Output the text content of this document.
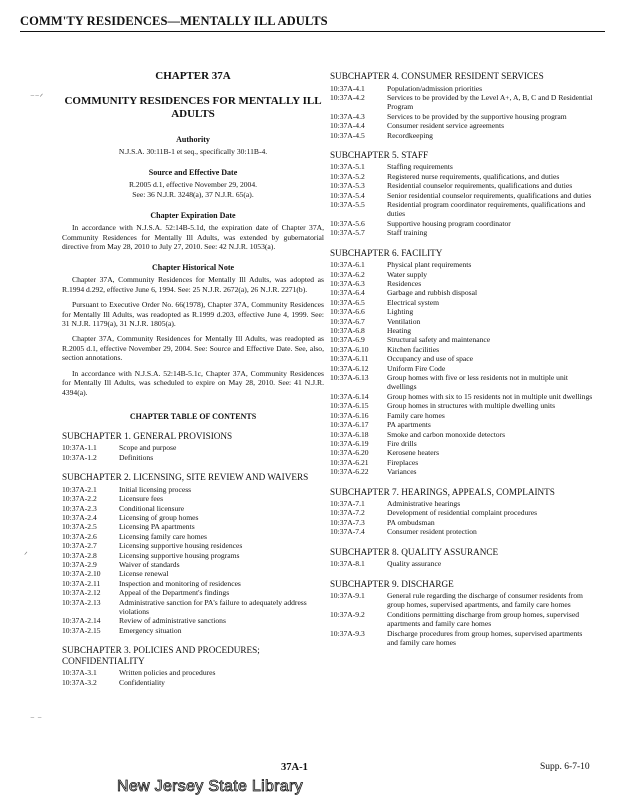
COMM'TY RESIDENCES—MENTALLY ILL ADULTS
⁻⁻ᐟ
ᐟ
⁻ ⁻
CHAPTER 37A
COMMUNITY RESIDENCES FOR MENTALLY ILL ADULTS
Authority
N.J.S.A. 30:11B-1 et seq., specifically 30:11B-4.
Source and Effective Date
R.2005 d.1, effective November 29, 2004.
See: 36 N.J.R. 3248(a), 37 N.J.R. 65(a).
Chapter Expiration Date
In accordance with N.J.S.A. 52:14B-5.1d, the expiration date of Chapter 37A, Community Residences for Mentally Ill Adults, was extended by gubernatorial directive from May 28, 2010 to July 27, 2010. See: 42 N.J.R. 1053(a).
Chapter Historical Note
Chapter 37A, Community Residences for Mentally Ill Adults, was adopted as R.1994 d.292, effective June 6, 1994. See: 25 N.J.R. 2672(a), 26 N.J.R. 2271(b).
Pursuant to Executive Order No. 66(1978), Chapter 37A, Community Residences for Mentally Ill Adults, was readopted as R.1999 d.203, effective June 4, 1999. See: 31 N.J.R. 1179(a), 31 N.J.R. 1805(a).
Chapter 37A, Community Residences for Mentally Ill Adults, was readopted as R.2005 d.1, effective November 29, 2004. See: Source and Effective Date. See, also, section annotations.
In accordance with N.J.S.A. 52:14B-5.1c, Chapter 37A, Community Residences for Mentally Ill Adults, was scheduled to expire on May 28, 2010. See: 41 N.J.R. 4394(a).
CHAPTER TABLE OF CONTENTS
SUBCHAPTER 1. GENERAL PROVISIONS
10:37A-1.1	Scope and purpose
10:37A-1.2	Definitions
SUBCHAPTER 2. LICENSING, SITE REVIEW AND WAIVERS
10:37A-2.1	Initial licensing process
10:37A-2.2	Licensure fees
10:37A-2.3	Conditional licensure
10:37A-2.4	Licensing of group homes
10:37A-2.5	Licensing PA apartments
10:37A-2.6	Licensing family care homes
10:37A-2.7	Licensing supportive housing residences
10:37A-2.8	Licensing supportive housing programs
10:37A-2.9	Waiver of standards
10:37A-2.10	License renewal
10:37A-2.11	Inspection and monitoring of residences
10:37A-2.12	Appeal of the Department's findings
10:37A-2.13	Administrative sanction for PA's failure to adequately address violations
10:37A-2.14	Review of administrative sanctions
10:37A-2.15	Emergency situation
SUBCHAPTER 3. POLICIES AND PROCEDURES; CONFIDENTIALITY
10:37A-3.1	Written policies and procedures
10:37A-3.2	Confidentiality
SUBCHAPTER 4. CONSUMER RESIDENT SERVICES
10:37A-4.1	Population/admission priorities
10:37A-4.2	Services to be provided by the Level A+, A, B, C and D Residential Program
10:37A-4.3	Services to be provided by the supportive housing program
10:37A-4.4	Consumer resident service agreements
10:37A-4.5	Recordkeeping
SUBCHAPTER 5. STAFF
10:37A-5.1	Staffing requirements
10:37A-5.2	Registered nurse requirements, qualifications, and duties
10:37A-5.3	Residential counselor requirements, qualifications and duties
10:37A-5.4	Senior residential counselor requirements, qualifications and duties
10:37A-5.5	Residential program coordinator requirements, qualifications and duties
10:37A-5.6	Supportive housing program coordinator
10:37A-5.7	Staff training
SUBCHAPTER 6. FACILITY
10:37A-6.1	Physical plant requirements
10:37A-6.2	Water supply
10:37A-6.3	Residences
10:37A-6.4	Garbage and rubbish disposal
10:37A-6.5	Electrical system
10:37A-6.6	Lighting
10:37A-6.7	Ventilation
10:37A-6.8	Heating
10:37A-6.9	Structural safety and maintenance
10:37A-6.10	Kitchen facilities
10:37A-6.11	Occupancy and use of space
10:37A-6.12	Uniform Fire Code
10:37A-6.13	Group homes with five or less residents not in multiple unit dwellings
10:37A-6.14	Group homes with six to 15 residents not in multiple unit dwellings
10:37A-6.15	Group homes in structures with multiple dwelling units
10:37A-6.16	Family care homes
10:37A-6.17	PA apartments
10:37A-6.18	Smoke and carbon monoxide detectors
10:37A-6.19	Fire drills
10:37A-6.20	Kerosene heaters
10:37A-6.21	Fireplaces
10:37A-6.22	Variances
SUBCHAPTER 7. HEARINGS, APPEALS, COMPLAINTS
10:37A-7.1	Administrative hearings
10:37A-7.2	Development of residential complaint procedures
10:37A-7.3	PA ombudsman
10:37A-7.4	Consumer resident protection
SUBCHAPTER 8. QUALITY ASSURANCE
10:37A-8.1	Quality assurance
SUBCHAPTER 9. DISCHARGE
10:37A-9.1	General rule regarding the discharge of consumer residents from group homes, supervised apartments, and family care homes
10:37A-9.2	Conditions permitting discharge from group homes, supervised apartments and family care homes
10:37A-9.3	Discharge procedures from group homes, supervised apartments and family care homes
37A-1	Supp. 6-7-10
New Jersey State Library
